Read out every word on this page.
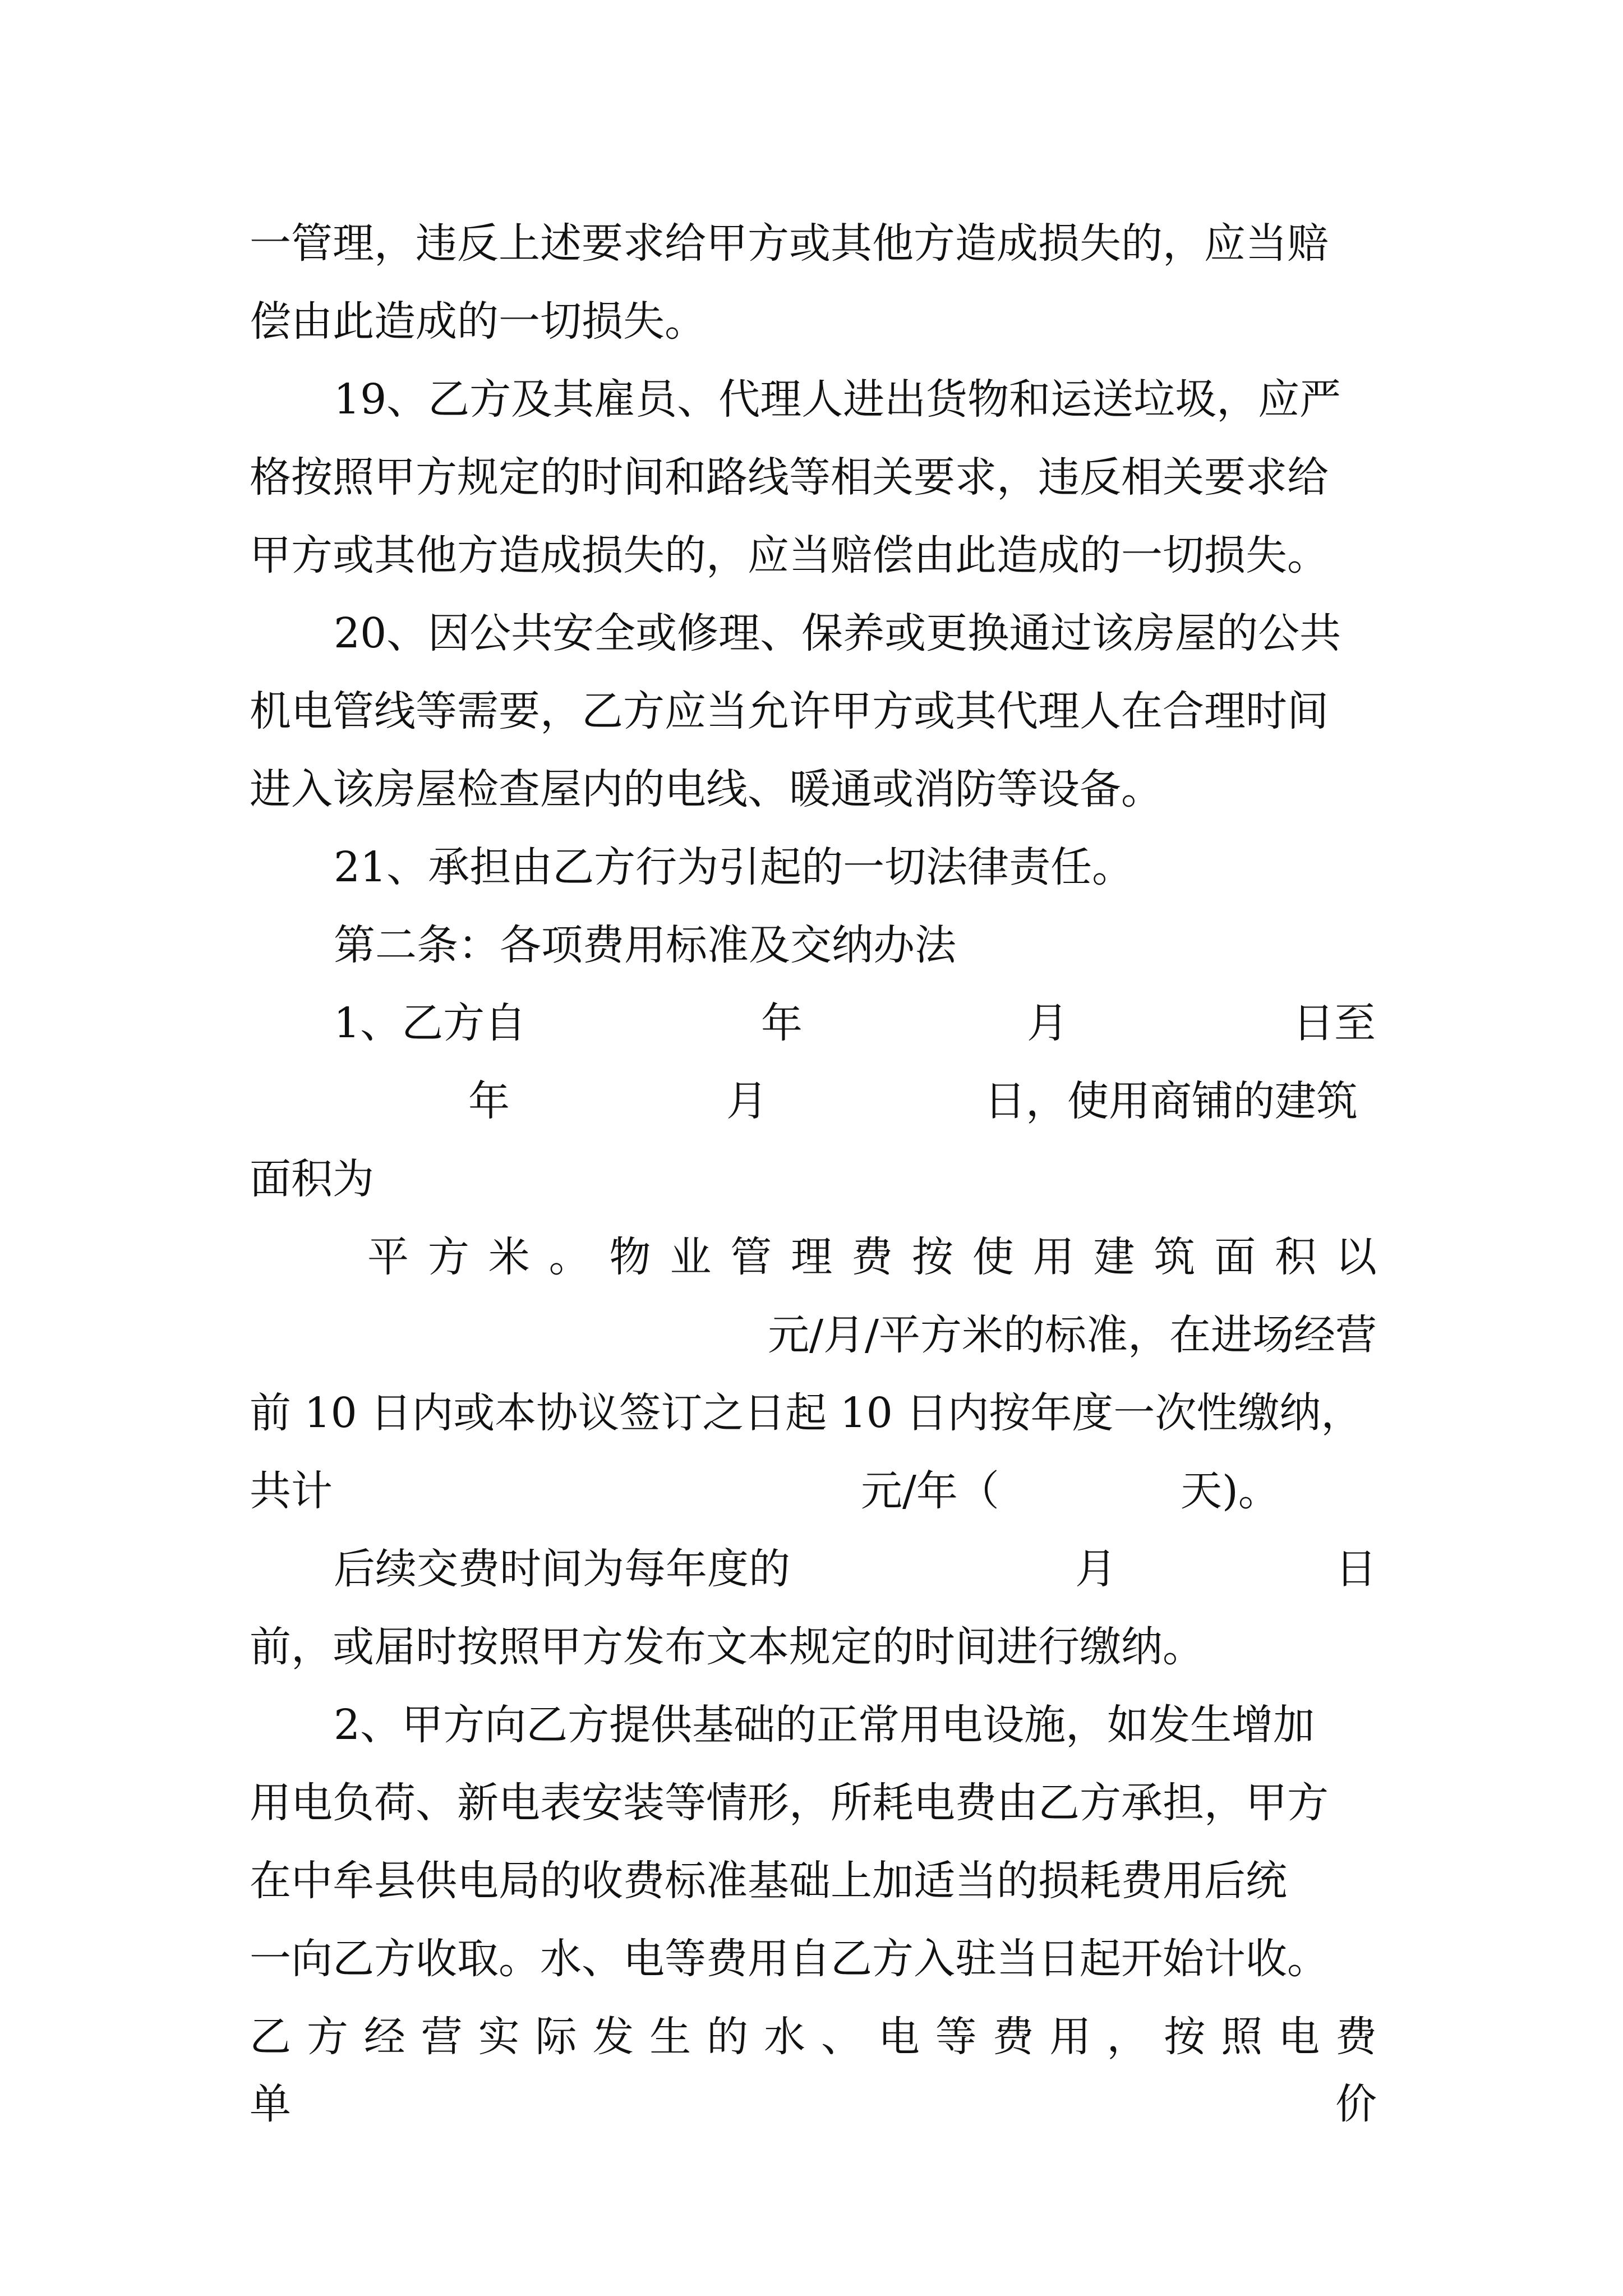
一管理，违反上述要求给甲方或其他方造成损失的，应当赔

偿由此造成的一切损失。

19、乙方及其雇员、代理人进出货物和运送垃圾，应严

格按照甲方规定的时间和路线等相关要求，违反相关要求给

甲方或其他方造成损失的，应当赔偿由此造成的一切损失。

20、因公共安全或修理、保养或更换通过该房屋的公共

机电管线等需要，乙方应当允许甲方或其代理人在合理时间

进入该房屋检查屋内的电线、暖通或消防等设备。

21、承担由乙方行为引起的一切法律责任。

第二条：各项费用标准及交纳办法

1、乙方自

	年

	月

	日至

年

	月

	日，使用商铺的建筑

面积为

平 方 米 。 物 业 管 理 费 按 使 用 建 筑 面 积 以

元/月/平方米的标准，在进场经营

前 10 日内或本协议签订之日起 10 日内按年度一次性缴纳，

共计

	元/年（

	天)。

后续交费时间为每年度的

	月

	日

前，或届时按照甲方发布文本规定的时间进行缴纳。

2、甲方向乙方提供基础的正常用电设施，如发生增加

用电负荷、新电表安装等情形，所耗电费由乙方承担，甲方

在中牟县供电局的收费标准基础上加适当的损耗费用后统

一向乙方收取。水、电等费用自乙方入驻当日起开始计收。

乙 方 经 营 实 际 发 生 的 水 、 电 等 费 用 ， 按 照 电 费 单 价
